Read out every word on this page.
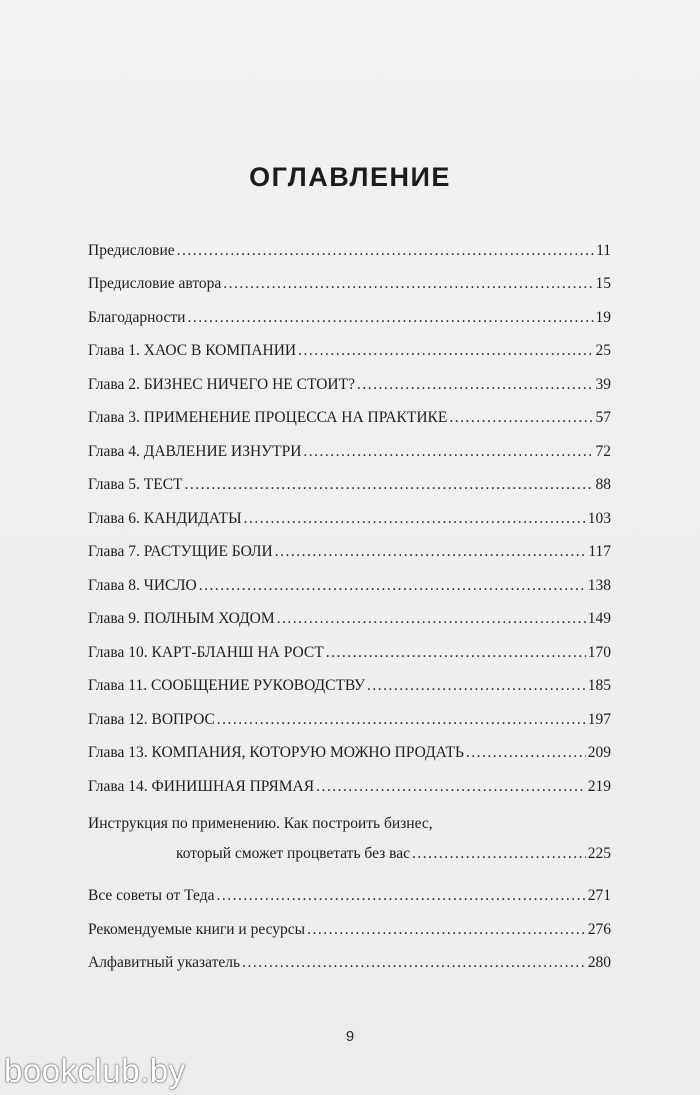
ОГЛАВЛЕНИЕ
Предисловие .....	11
Предисловие автора .....	15
Благодарности .....	19
Глава 1. ХАОС В КОМПАНИИ .....	25
Глава 2. БИЗНЕС НИЧЕГО НЕ СТОИТ? .....	39
Глава 3. ПРИМЕНЕНИЕ ПРОЦЕССА НА ПРАКТИКЕ .....	57
Глава 4. ДАВЛЕНИЕ ИЗНУТРИ .....	72
Глава 5. ТЕСТ .....	88
Глава 6. КАНДИДАТЫ .....	103
Глава 7. РАСТУЩИЕ БОЛИ .....	117
Глава 8. ЧИСЛО .....	138
Глава 9. ПОЛНЫМ ХОДОМ .....	149
Глава 10. КАРТ-БЛАНШ НА РОСТ .....	170
Глава 11. СООБЩЕНИЕ РУКОВОДСТВУ .....	185
Глава 12. ВОПРОС .....	197
Глава 13. КОМПАНИЯ, КОТОРУЮ МОЖНО ПРОДАТЬ .....	209
Глава 14. ФИНИШНАЯ ПРЯМАЯ .....	219
Инструкция по применению. Как построить бизнес,
который сможет процветать без вас .....	225
Все советы от Теда .....	271
Рекомендуемые книги и ресурсы .....	276
Алфавитный указатель .....	280
9
bookclub.by
